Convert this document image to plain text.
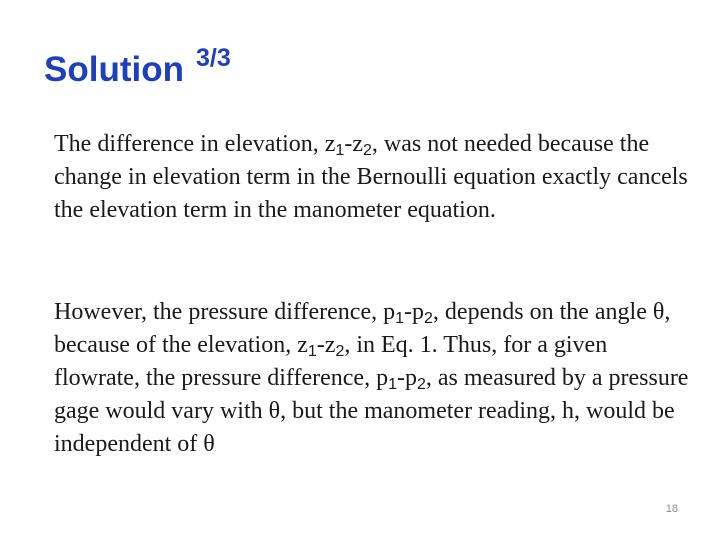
Solution $^{3/3}$

The difference in elevation, $z_1-z_2$, was not needed because the change in elevation term in the Bernoulli equation exactly cancels the elevation term in the manometer equation.

However, the pressure difference, $p_1-p_2$, depends on the angle θ, because of the elevation, $z_1-z_2$, in Eq. 1. Thus, for a given flowrate, the pressure difference, $p_1-p_2$, as measured by a pressure gage would vary with θ, but the manometer reading, h, would be independent of θ

18
